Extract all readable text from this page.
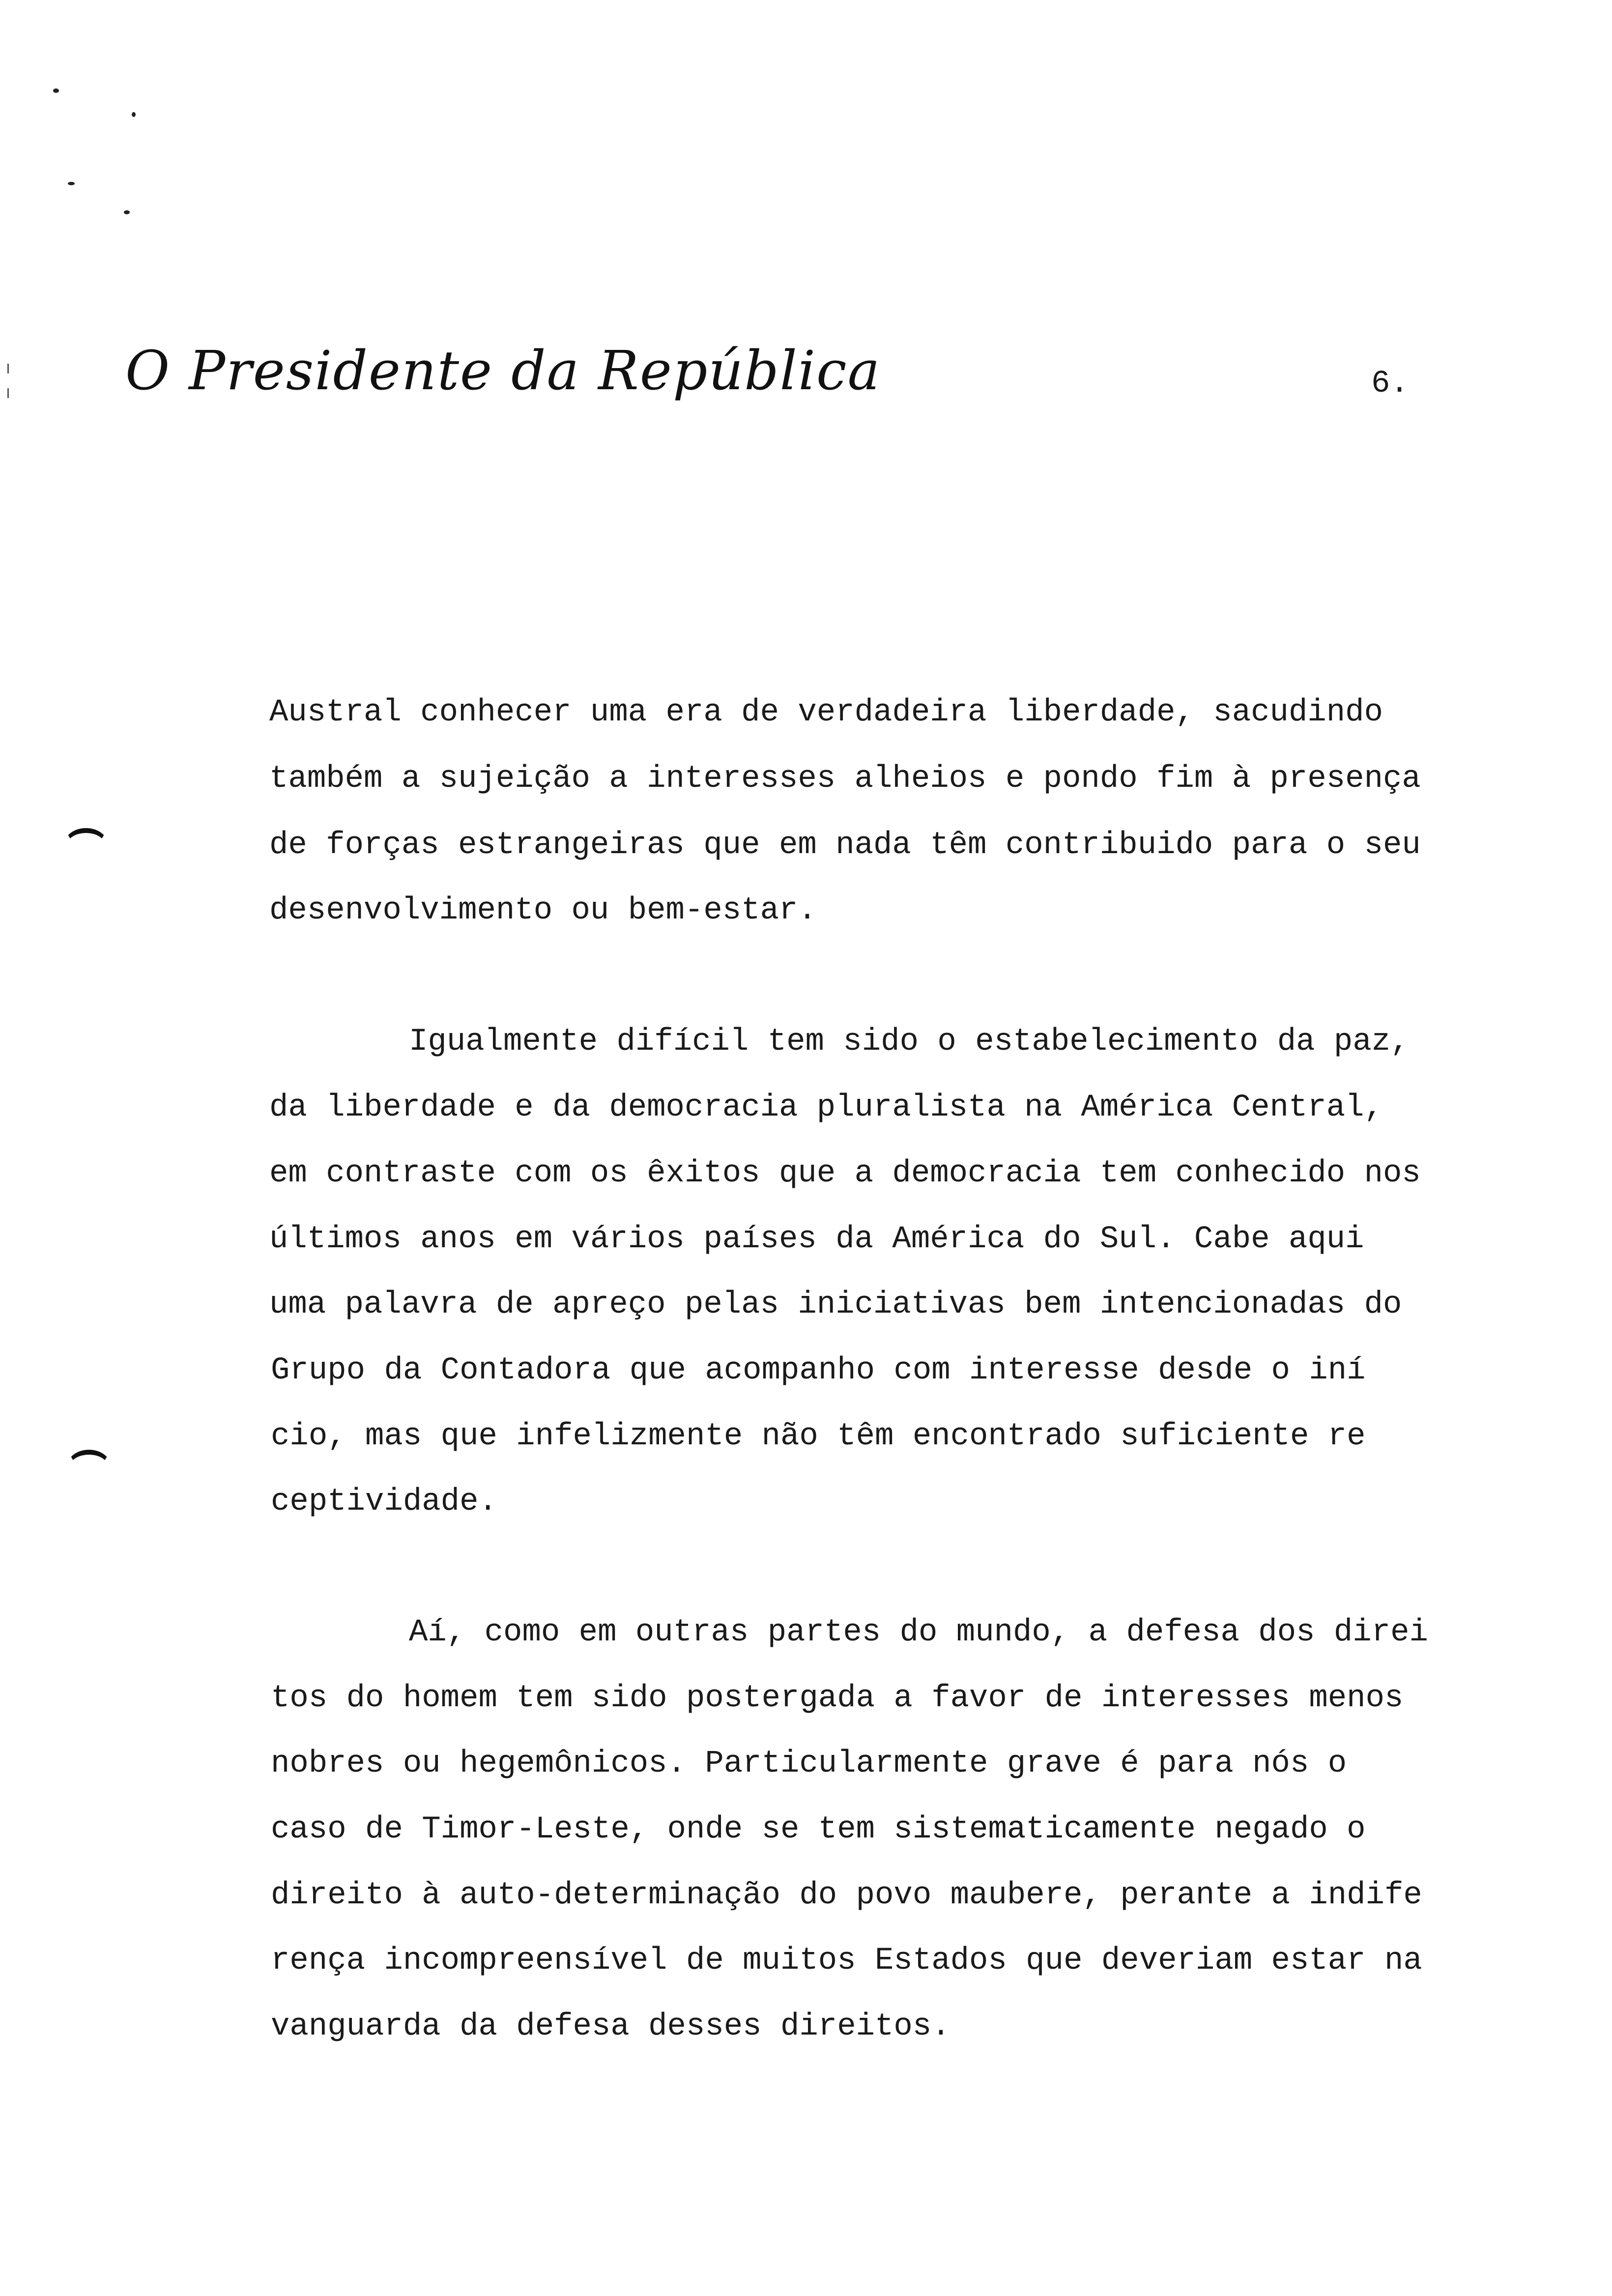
O Presidente da República	6.
Austral conhecer uma era de verdadeira liberdade, sacudindo
também a sujeição a interesses alheios e pondo fim à presença
de forças estrangeiras que em nada têm contribuido para o seu
desenvolvimento ou bem-estar.
Igualmente difícil tem sido o estabelecimento da paz,
da liberdade e da democracia pluralista na América Central,
em contraste com os êxitos que a democracia tem conhecido nos
últimos anos em vários países da América do Sul. Cabe aqui
uma palavra de apreço pelas iniciativas bem intencionadas do
Grupo da Contadora que acompanho com interesse desde o iní
cio, mas que infelizmente não têm encontrado suficiente re
ceptividade.
Aí, como em outras partes do mundo, a defesa dos direi
tos do homem tem sido postergada a favor de interesses menos
nobres ou hegemônicos. Particularmente grave é para nós o
caso de Timor-Leste, onde se tem sistematicamente negado o
direito à auto-determinação do povo maubere, perante a indife
rença incompreensível de muitos Estados que deveriam estar na
vanguarda da defesa desses direitos.
